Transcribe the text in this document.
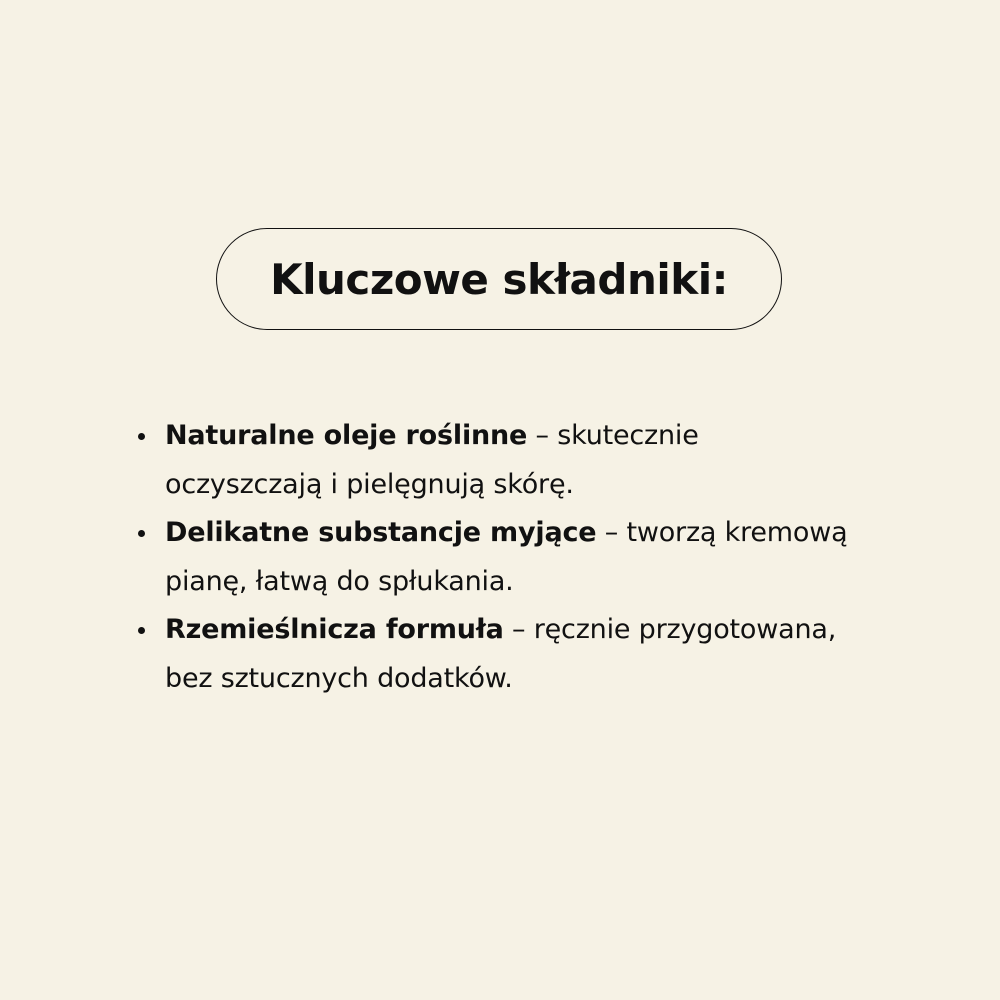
Kluczowe składniki:
Naturalne oleje roślinne – skutecznie oczyszczają i pielęgnują skórę.
Delikatne substancje myjące – tworzą kremową pianę, łatwą do spłukania.
Rzemieślnicza formuła – ręcznie przygotowana, bez sztucznych dodatków.
